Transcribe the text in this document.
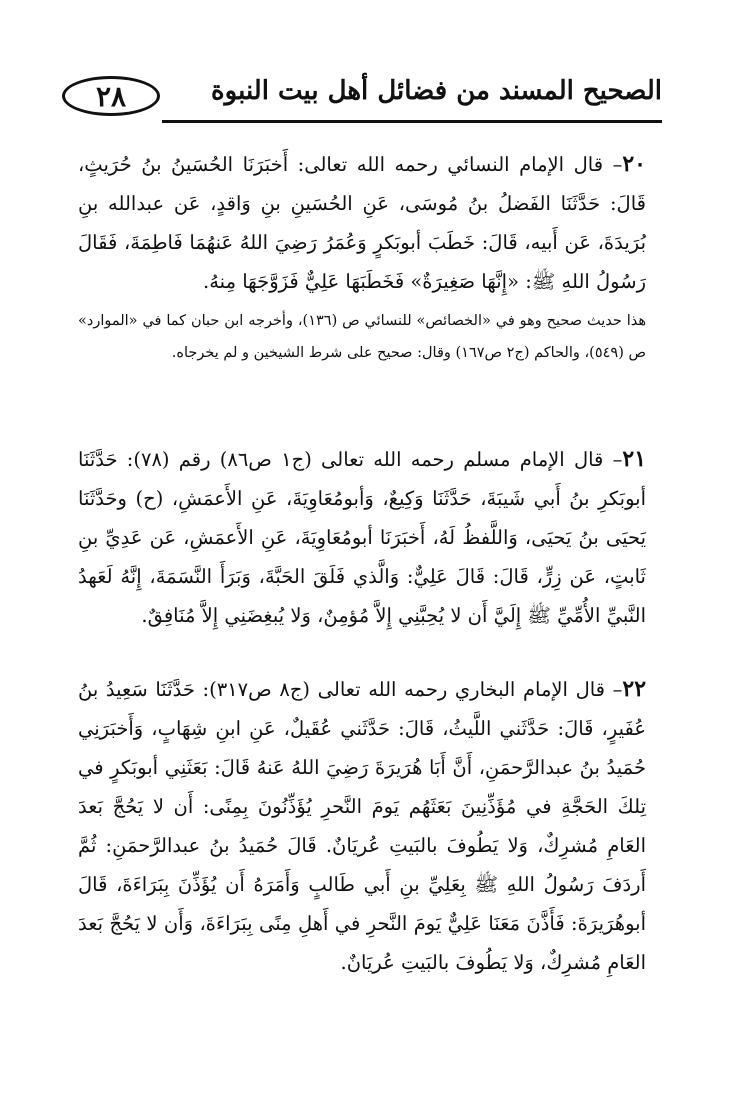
٢٨	الصحيح المسند من فضائل أهل بيت النبوة

٢٠– قال الإمام النسائي رحمه الله تعالى: أَخبَرَنَا الحُسَينُ بنُ حُرَيثٍ، قَالَ: حَدَّثَنَا الفَضلُ بنُ مُوسَى، عَنِ الحُسَينِ بنِ وَاقدٍ، عَن عبدالله بنِ بُرَيدَةَ، عَن أَبيه، قَالَ: خَطَبَ أبوبَكرٍ وَعُمَرُ رَضِيَ اللهُ عَنهُمَا فَاطِمَةَ، فَقَالَ رَسُولُ اللهِ ﷺ: «إِنَّهَا صَغِيرَةٌ» فَخَطَبَهَا عَلِيٌّ فَزَوَّجَهَا مِنهُ.

هذا حديث صحيح وهو في «الخصائص» للنسائي ص (١٣٦)، وأخرجه ابن حبان كما في «الموارد» ص (٥٤٩)، والحاكم (ج٢ ص١٦٧) وقال: صحيح على شرط الشيخين و لم يخرجاه.

٢١– قال الإمام مسلم رحمه الله تعالى (ج١ ص٨٦) رقم (٧٨): حَدَّثَنَا أبوبَكرِ بنُ أَبي شَيبَةَ، حَدَّثَنَا وَكِيعٌ، وَأبومُعَاوِيَةَ، عَنِ الأَعمَشِ، (ح) وحَدَّثَنَا يَحيَى بنُ يَحيَى، وَاللَّفظُ لَهُ، أَخبَرَنَا أبومُعَاوِيَةَ، عَنِ الأَعمَشِ، عَن عَدِيِّ بنِ ثَابتٍ، عَن زِرٍّ، قَالَ: قَالَ عَلِيٌّ: وَالَّذي فَلَقَ الحَبَّةَ، وَبَرَأَ النَّسَمَةَ، إِنَّهُ لَعَهدُ النَّبيِّ الأُمِّيِّ ﷺ إِلَيَّ أَن لا يُحِبَّنِي إِلاَّ مُؤمِنٌ، وَلا يُبغِضَنِي إِلاَّ مُنَافِقٌ.

٢٢– قال الإمام البخاري رحمه الله تعالى (ج٨ ص٣١٧): حَدَّثَنَا سَعِيدُ بنُ عُفَيرٍ، قَالَ: حَدَّثَني اللَّيثُ، قَالَ: حَدَّثَني عُقَيلٌ، عَنِ ابنِ شِهَابٍ، وَأَخبَرَنِي حُمَيدُ بنُ عبدالرَّحمَنِ، أَنَّ أَبَا هُرَيرَةَ رَضِيَ اللهُ عَنهُ قَالَ: بَعَثَنِي أبوبَكرٍ في تِلكَ الحَجَّةِ في مُؤَذِّنِينَ بَعَثَهُم يَومَ النَّحرِ يُؤَذِّنُونَ بِمِنًى: أَن لا يَحُجَّ بَعدَ العَامِ مُشرِكٌ، وَلا يَطُوفَ بالبَيتِ عُريَانٌ. قَالَ حُمَيدُ بنُ عبدالرَّحمَنِ: ثُمَّ أَردَفَ رَسُولُ اللهِ ﷺ بِعَلِيِّ بنِ أَبي طَالبٍ وَأَمَرَهُ أَن يُؤَذِّنَ بِبَرَاءَةَ، قَالَ أبوهُرَيرَةَ: فَأَذَّنَ مَعَنَا عَلِيٌّ يَومَ النَّحرِ في أَهلِ مِنًى بِبَرَاءَةَ، وَأَن لا يَحُجَّ بَعدَ العَامِ مُشرِكٌ، وَلا يَطُوفَ بالبَيتِ عُريَانٌ.
